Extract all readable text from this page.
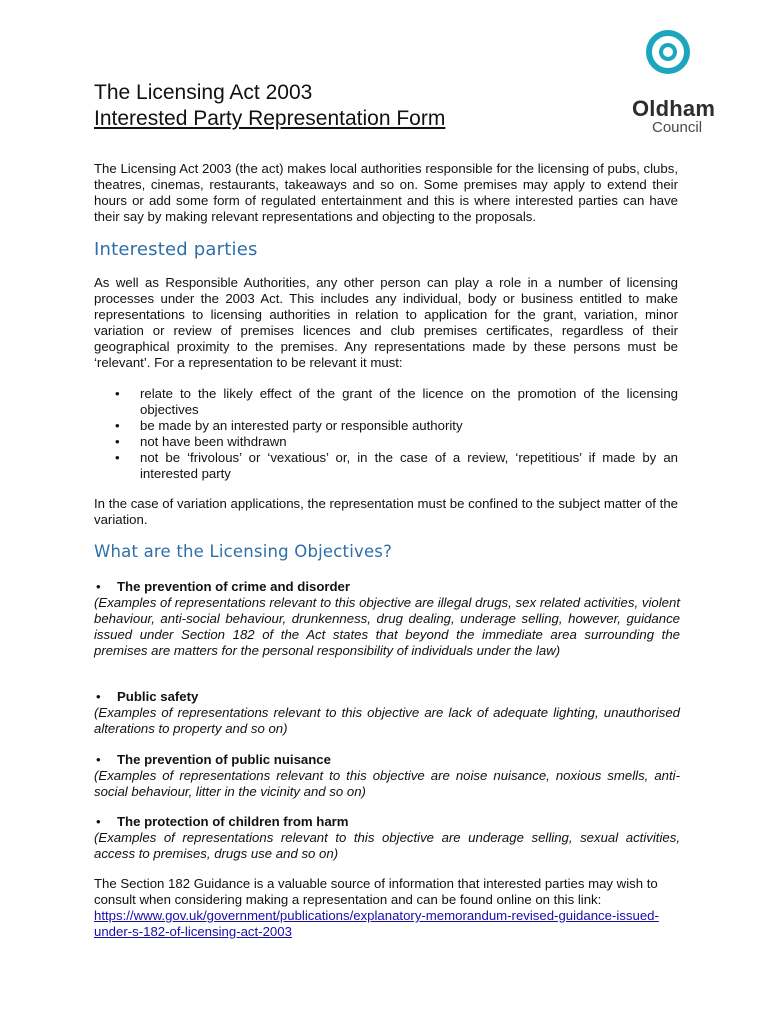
Oldham
Council
The Licensing Act 2003
Interested Party Representation Form

The Licensing Act 2003 (the act) makes local authorities responsible for the licensing of pubs, clubs, theatres, cinemas, restaurants, takeaways and so on. Some premises may apply to extend their hours or add some form of regulated entertainment and this is where interested parties can have their say by making relevant representations and objecting to the proposals.

Interested parties

As well as Responsible Authorities, any other person can play a role in a number of licensing processes under the 2003 Act. This includes any individual, body or business entitled to make representations to licensing authorities in relation to application for the grant, variation, minor variation or review of premises licences and club premises certificates, regardless of their geographical proximity to the premises. Any representations made by these persons must be ‘relevant’. For a representation to be relevant it must:

• relate to the likely effect of the grant of the licence on the promotion of the licensing objectives
• be made by an interested party or responsible authority
• not have been withdrawn
• not be ‘frivolous’ or ‘vexatious’ or, in the case of a review, ‘repetitious’ if made by an interested party

In the case of variation applications, the representation must be confined to the subject matter of the variation.

What are the Licensing Objectives?
• The prevention of crime and disorder
(Examples of representations relevant to this objective are illegal drugs, sex related activities, violent behaviour, anti-social behaviour, drunkenness, drug dealing, underage selling, however, guidance issued under Section 182 of the Act states that beyond the immediate area surrounding the premises are matters for the personal responsibility of individuals under the law)
• Public safety
(Examples of representations relevant to this objective are lack of adequate lighting, unauthorised alterations to property and so on)
• The prevention of public nuisance
(Examples of representations relevant to this objective are noise nuisance, noxious smells, anti-social behaviour, litter in the vicinity and so on)
• The protection of children from harm
(Examples of representations relevant to this objective are underage selling, sexual activities, access to premises, drugs use and so on)

The Section 182 Guidance is a valuable source of information that interested parties may wish to consult when considering making a representation and can be found online on this link: https://www.gov.uk/government/publications/explanatory-memorandum-revised-guidance-issued-under-s-182-of-licensing-act-2003
